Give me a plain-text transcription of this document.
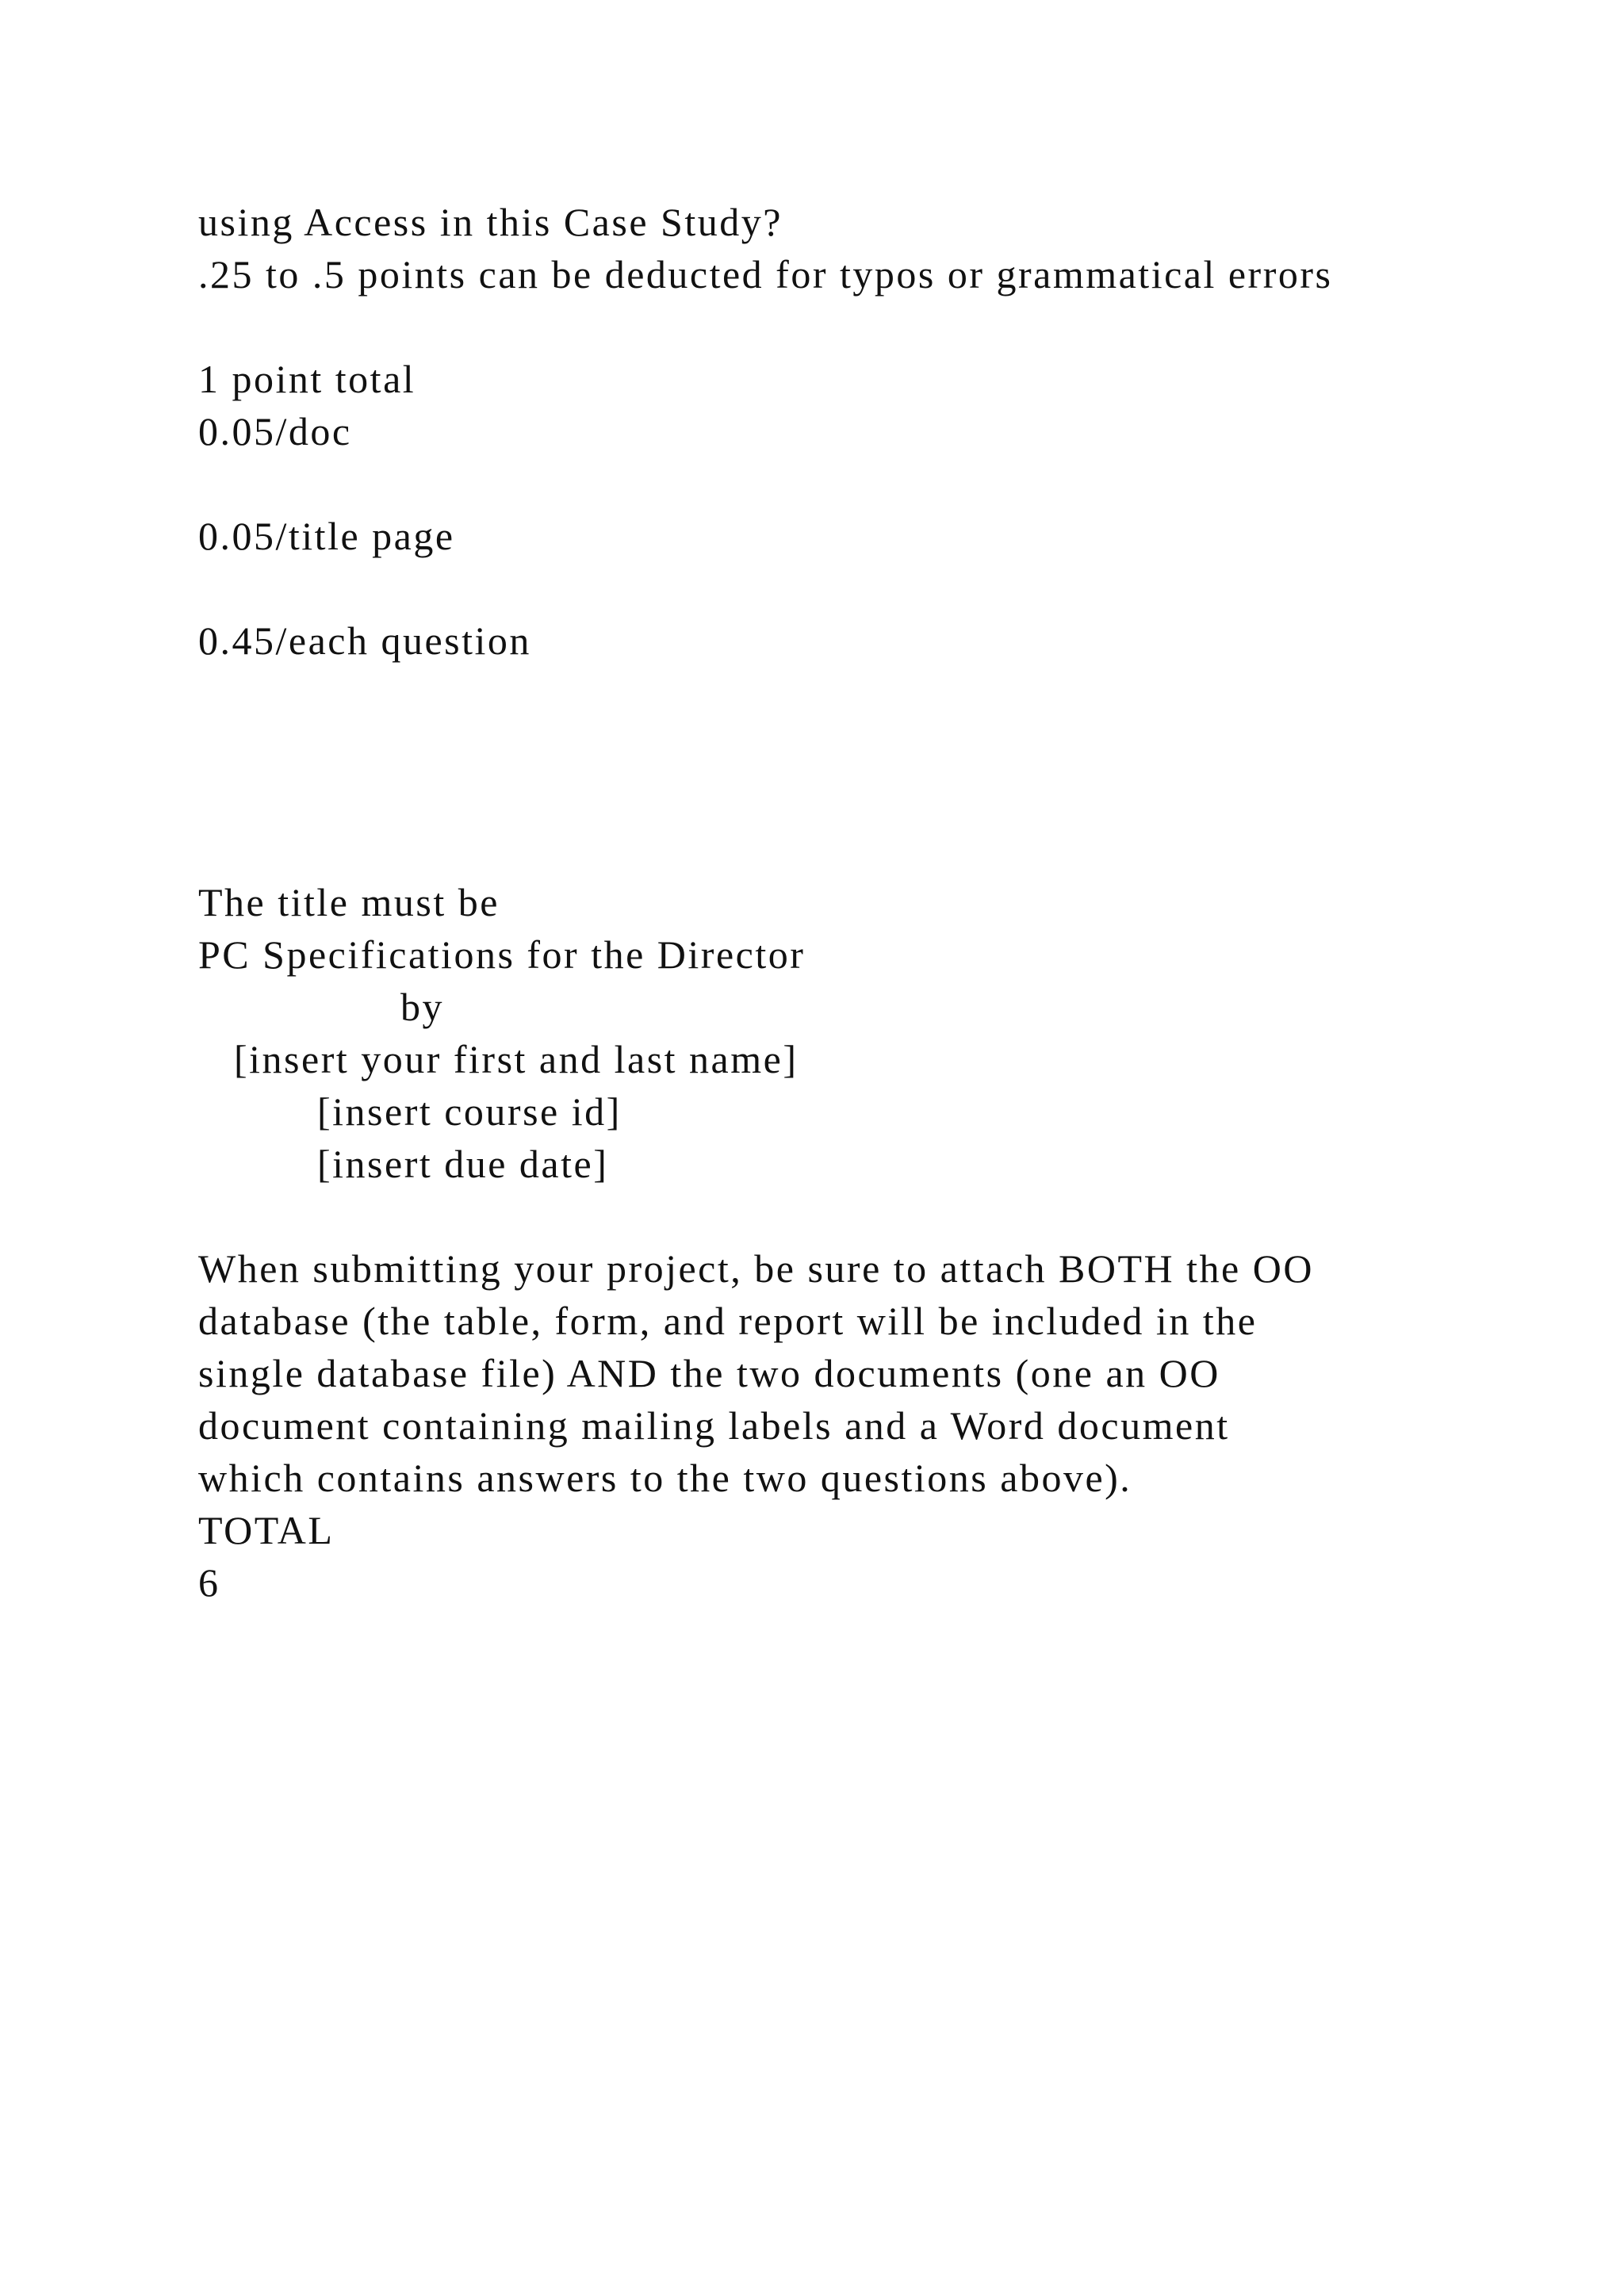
using Access in this Case Study?
.25 to .5 points can be deducted for typos or grammatical errors
1 point total
0.05/doc
0.05/title page
0.45/each question
The title must be
PC Specifications for the Director
by
[insert your first and last name]
[insert course id]
[insert due date]
When submitting your project, be sure to attach BOTH the OO
database (the table, form, and report will be included in the
single database file) AND the two documents (one an OO
document containing mailing labels and a Word document
which contains answers to the two questions above).
TOTAL
6
